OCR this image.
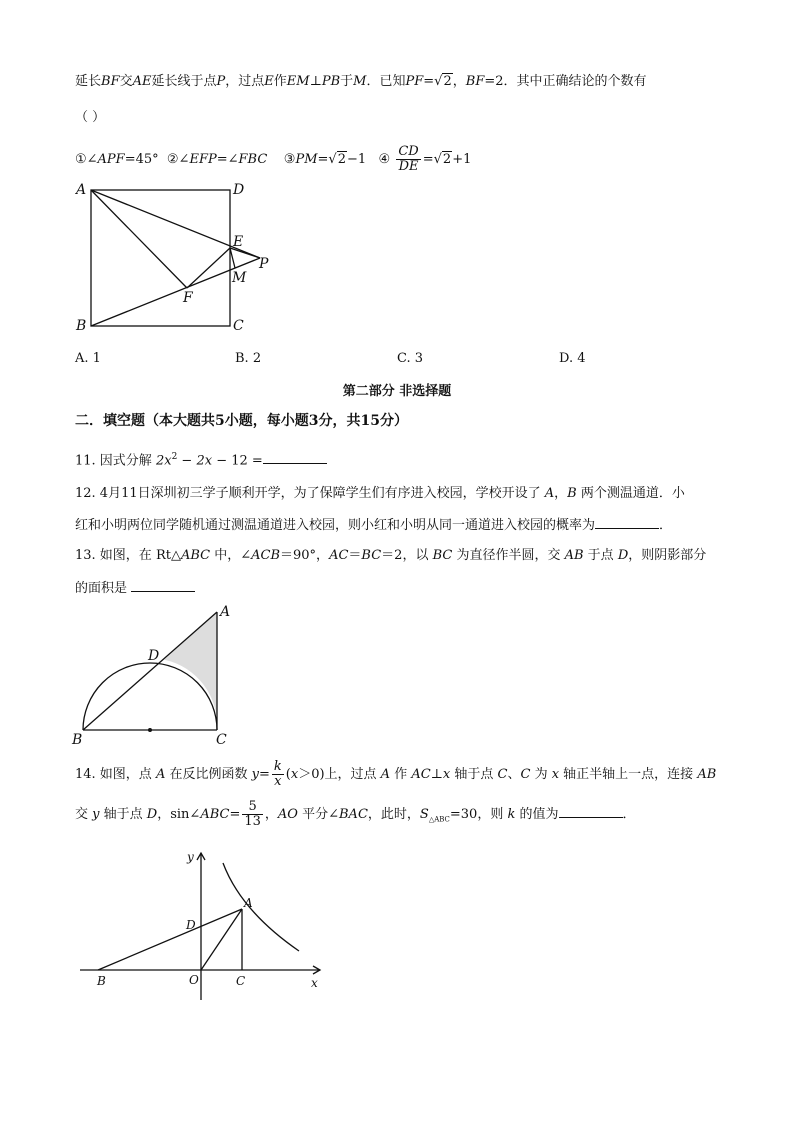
延长BF交AE延长线于点P，过点E作EM⊥PB于M．已知PF=√2，BF=2．其中正确结论的个数有
（ ）
①∠APF=45°  ②∠EFP=∠FBC    ③PM=√2−1   ④ $\frac{CD}{DE} =√2+1$
A	D
E
P
M
F
B	C
A. 1	B. 2	C. 3	D. 4
第二部分 非选择题
二．填空题（本大题共5小题，每小题3分，共15分）
11. 因式分解 $2x^2 - 2x - 12$ =
12. 4月11日深圳初三学子顺利开学，为了保障学生们有序进入校园，学校开设了 A，B 两个测温通道．小
红和小明两位同学随机通过测温通道进入校园，则小红和小明从同一通道进入校园的概率为	．
13. 如图，在 Rt△ABC 中，∠ACB＝90°，AC＝BC＝2，以 BC 为直径作半圆，交 AB 于点 D，则阴影部分
的面积是
A
D
B	C
14. 如图，点 A 在反比例函数 $y= \frac{k}{x} (x>0)$上，过点 A 作 AC⊥x 轴于点 C、C 为 x 轴正半轴上一点，连接 AB
交 y 轴于点 D，sin∠ABC= $\frac{5}{13}$ ，AO 平分∠BAC，此时，$S_{\triangle ABC}=30$，则 k 的值为	．
y
x
A
D
B	O	C
